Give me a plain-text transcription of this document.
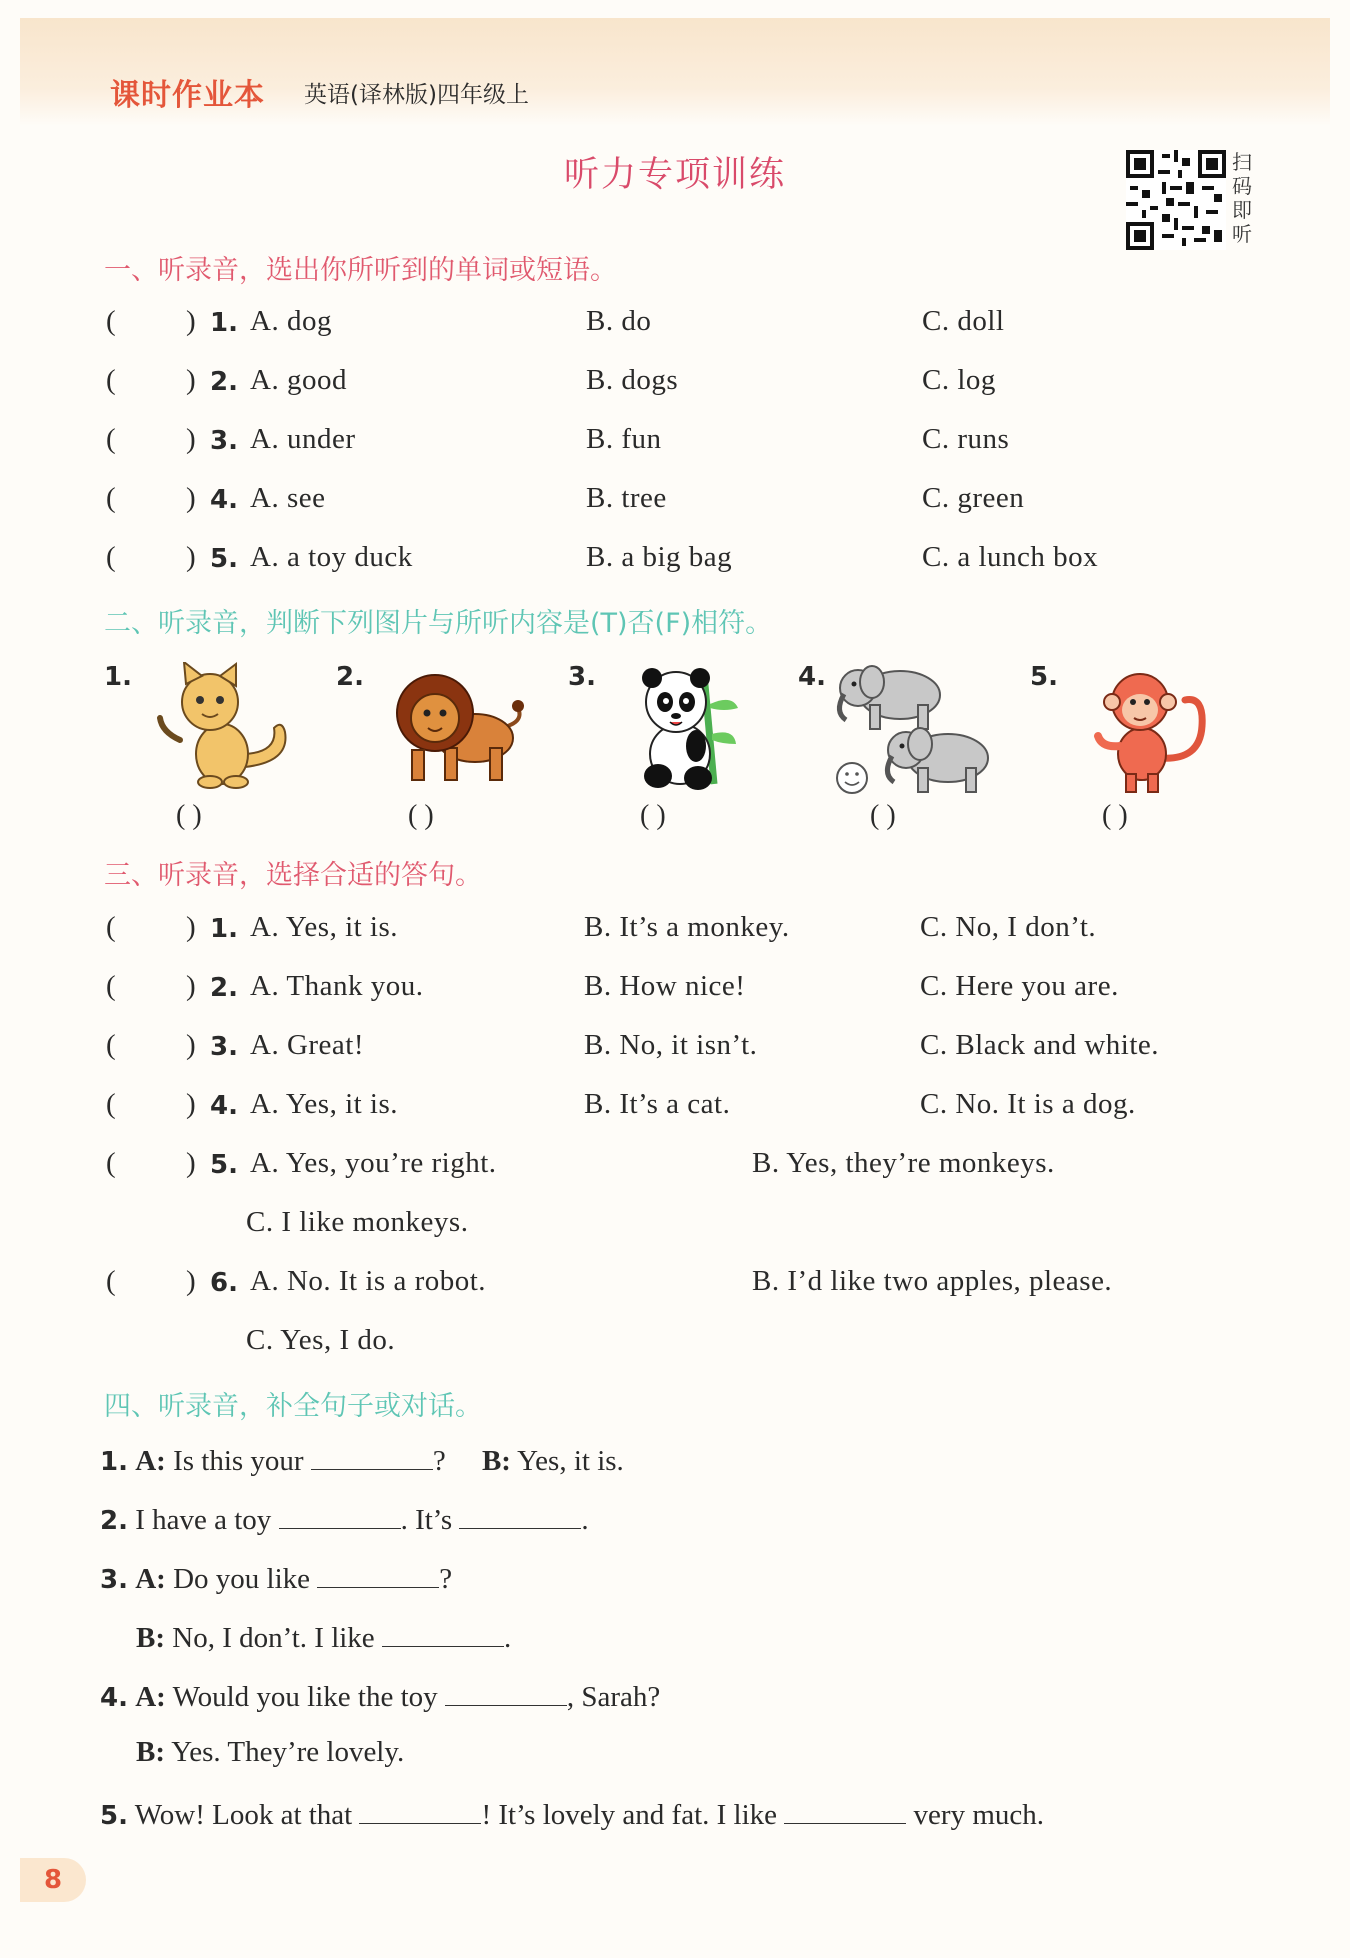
课时作业本 英语(译林版)四年级上
听力专项训练	扫码即听
一、听录音，选出你所听到的单词或短语。
( ) 1. A. dog	B. do	C. doll
( ) 2. A. good	B. dogs	C. log
( ) 3. A. under	B. fun	C. runs
( ) 4. A. see	B. tree	C. green
( ) 5. A. a toy duck	B. a big bag	C. a lunch box
二、听录音，判断下列图片与所听内容是(T)否(F)相符。
1.	2.	3.	4.	5.
( )	( )	( )	( )	( )
三、听录音，选择合适的答句。
( ) 1. A. Yes, it is.	B. It’s a monkey.	C. No, I don’t.
( ) 2. A. Thank you.	B. How nice!	C. Here you are.
( ) 3. A. Great!	B. No, it isn’t.	C. Black and white.
( ) 4. A. Yes, it is.	B. It’s a cat.	C. No. It is a dog.
( ) 5. A. Yes, you’re right.	B. Yes, they’re monkeys.
C. I like monkeys.
( ) 6. A. No. It is a robot.	B. I’d like two apples, please.
C. Yes, I do.
四、听录音，补全句子或对话。
1. A: Is this your	? B: Yes, it is.
2. I have a toy	. It’s	.
3. A: Do you like	?
B: No, I don’t. I like	.
4. A: Would you like the toy	, Sarah?
B: Yes. They’re lovely.
5. Wow! Look at that	! It’s lovely and fat. I like	very much.
8
